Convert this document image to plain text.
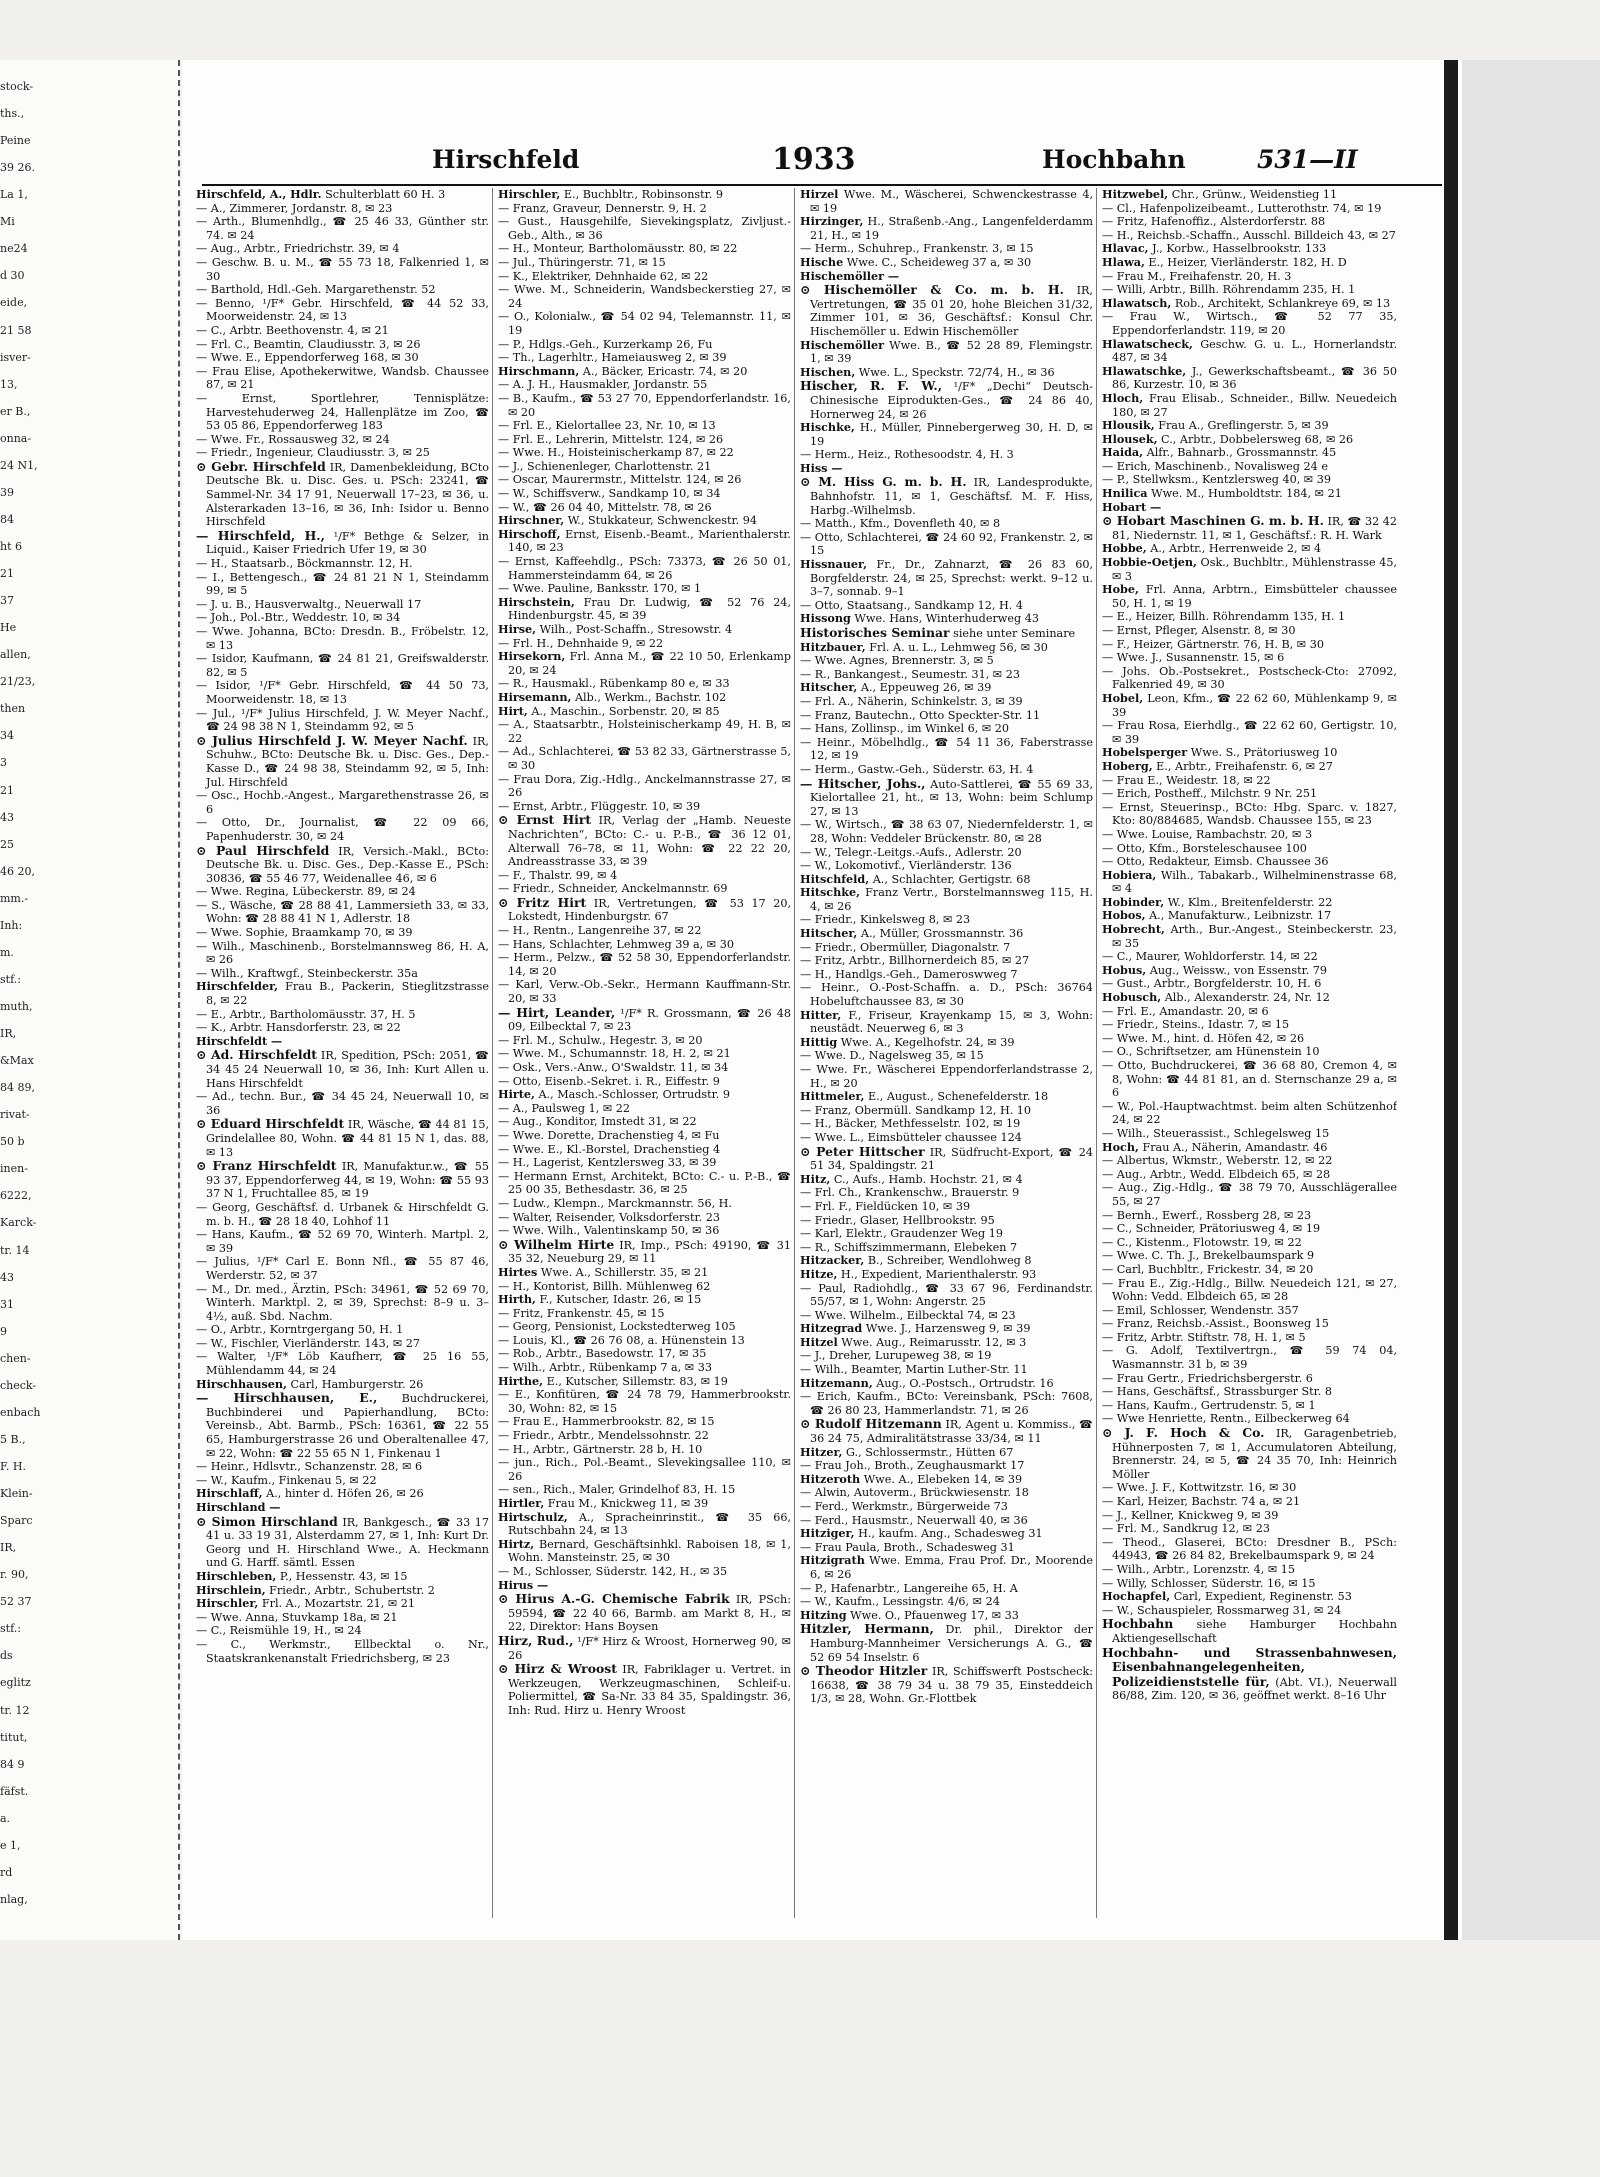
stock-
ths.,
Peine
39 26.
La 1,
Mi
ne24
d 30
eide,
21 58
isver-
13,
er B.,
onna-
24 N1,
39
84
ht 6
21
37
He
allen,
21/23,
then
34
3
21
43
25
46 20,
mm.-
Inh:
m.
stf.:
muth,
IR,
&Max
84 89,
rivat-
50 b
inen-
6222,
Karck-
tr. 14
43
31
9
chen-
check-
enbach
5 B.,
F. H.
Klein-
Sparc
IR,
r. 90,
52 37
stf.:
ds
eglitz
tr. 12
titut,
84 9
fäfst.
a.
e 1,
rd
nlag,
Hirschfeld	1933	Hochbahn	531—II

Hirschfeld, A., Hdlr. Schulterblatt 60 H. 3

— A., Zimmerer, Jordanstr. 8, ✉ 23

— Arth., Blumenhdlg., ☎ 25 46 33, Günther str. 74. ✉ 24

— Aug., Arbtr., Friedrichstr. 39, ✉ 4

— Geschw. B. u. M., ☎ 55 73 18, Falkenried 1, ✉ 30

— Barthold, Hdl.-Geh. Margarethenstr. 52

— Benno, ¹/F* Gebr. Hirschfeld, ☎ 44 52 33, Moorweidenstr. 24, ✉ 13

— C., Arbtr. Beethovenstr. 4, ✉ 21

— Frl. C., Beamtin, Claudiusstr. 3, ✉ 26

— Wwe. E., Eppendorferweg 168, ✉ 30

— Frau Elise, Apothekerwitwe, Wandsb. Chaussee 87, ✉ 21

— Ernst, Sportlehrer, Tennisplätze: Harvestehuderweg 24, Hallenplätze im Zoo, ☎ 53 05 86, Eppendorferweg 183

— Wwe. Fr., Rossausweg 32, ✉ 24

— Friedr., Ingenieur, Claudiusstr. 3, ✉ 25

⊙ Gebr. Hirschfeld IR, Damenbekleidung, BCto Deutsche Bk. u. Disc. Ges. u. PSch: 23241, ☎ Sammel-Nr. 34 17 91, Neuerwall 17–23, ✉ 36, u. Alsterarkaden 13–16, ✉ 36, Inh: Isidor u. Benno Hirschfeld

— Hirschfeld, H., ¹/F* Bethge & Selzer, in Liquid., Kaiser Friedrich Ufer 19, ✉ 30

— H., Staatsarb., Böckmannstr. 12, H.

— I., Bettengesch., ☎ 24 81 21 N 1, Steindamm 99, ✉ 5

— J. u. B., Hausverwaltg., Neuerwall 17

— Joh., Pol.-Btr., Weddestr. 10, ✉ 34

— Wwe. Johanna, BCto: Dresdn. B., Fröbelstr. 12, ✉ 13

— Isidor, Kaufmann, ☎ 24 81 21, Greifswalderstr. 82, ✉ 5

— Isidor, ¹/F* Gebr. Hirschfeld, ☎ 44 50 73, Moorweidenstr. 18, ✉ 13

— Jul., ¹/F* Julius Hirschfeld, J. W. Meyer Nachf., ☎ 24 98 38 N 1, Steindamm 92, ✉ 5

⊙ Julius Hirschfeld J. W. Meyer Nachf. IR, Schuhw., BCto: Deutsche Bk. u. Disc. Ges., Dep.-Kasse D., ☎ 24 98 38, Steindamm 92, ✉ 5, Inh: Jul. Hirschfeld

— Osc., Hochb.-Angest., Margarethenstrasse 26, ✉ 6

— Otto, Dr., Journalist, ☎ 22 09 66, Papenhuderstr. 30, ✉ 24

⊙ Paul Hirschfeld IR, Versich.-Makl., BCto: Deutsche Bk. u. Disc. Ges., Dep.-Kasse E., PSch: 30836, ☎ 55 46 77, Weidenallee 46, ✉ 6

— Wwe. Regina, Lübeckerstr. 89, ✉ 24

— S., Wäsche, ☎ 28 88 41, Lammersieth 33, ✉ 33, Wohn: ☎ 28 88 41 N 1, Adlerstr. 18

— Wwe. Sophie, Braamkamp 70, ✉ 39

— Wilh., Maschinenb., Borstelmannsweg 86, H. A, ✉ 26

— Wilh., Kraftwgf., Steinbeckerstr. 35a

Hirschfelder, Frau B., Packerin, Stieglitzstrasse 8, ✉ 22

— E., Arbtr., Bartholomäusstr. 37, H. 5

— K., Arbtr. Hansdorferstr. 23, ✉ 22

Hirschfeldt —

⊙ Ad. Hirschfeldt IR, Spedition, PSch: 2051, ☎ 34 45 24 Neuerwall 10, ✉ 36, Inh: Kurt Allen u. Hans Hirschfeldt

— Ad., techn. Bur., ☎ 34 45 24, Neuerwall 10, ✉ 36

⊙ Eduard Hirschfeldt IR, Wäsche, ☎ 44 81 15, Grindelallee 80, Wohn. ☎ 44 81 15 N 1, das. 88, ✉ 13

⊙ Franz Hirschfeldt IR, Manufaktur.w., ☎ 55 93 37, Eppendorferweg 44, ✉ 19, Wohn: ☎ 55 93 37 N 1, Fruchtallee 85, ✉ 19

— Georg, Geschäftsf. d. Urbanek & Hirschfeldt G. m. b. H., ☎ 28 18 40, Lohhof 11

— Hans, Kaufm., ☎ 52 69 70, Winterh. Martpl. 2, ✉ 39

— Julius, ¹/F* Carl E. Bonn Nfl., ☎ 55 87 46, Werderstr. 52, ✉ 37

— M., Dr. med., Ärztin, PSch: 34961, ☎ 52 69 70, Winterh. Marktpl. 2, ✉ 39, Sprechst: 8–9 u. 3–4½, auß. Sbd. Nachm.

— O., Arbtr., Korntrgergang 50, H. 1

— W., Fischler, Vierländerstr. 143, ✉ 27

— Walter, ¹/F* Löb Kaufherr, ☎ 25 16 55, Mühlendamm 44, ✉ 24

Hirschhausen, Carl, Hamburgerstr. 26

— Hirschhausen, E., Buchdruckerei, Buchbinderei und Papierhandlung, BCto: Vereinsb., Abt. Barmb., PSch: 16361, ☎ 22 55 65, Hamburgerstrasse 26 und Oberaltenallee 47, ✉ 22, Wohn: ☎ 22 55 65 N 1, Finkenau 1

— Heinr., Hdlsvtr., Schanzenstr. 28, ✉ 6

— W., Kaufm., Finkenau 5, ✉ 22

Hirschlaff, A., hinter d. Höfen 26, ✉ 26

Hirschland —

⊙ Simon Hirschland IR, Bankgesch., ☎ 33 17 41 u. 33 19 31, Alsterdamm 27, ✉ 1, Inh: Kurt Dr. Georg und H. Hirschland Wwe., A. Heckmann und G. Harff. sämtl. Essen

Hirschleben, P., Hessenstr. 43, ✉ 15

Hirschlein, Friedr., Arbtr., Schubertstr. 2

Hirschler, Frl. A., Mozartstr. 21, ✉ 21

— Wwe. Anna, Stuvkamp 18a, ✉ 21

— C., Reismühle 19, H., ✉ 24

— C., Werkmstr., Ellbecktal o. Nr., Staatskrankenanstalt Friedrichsberg, ✉ 23

Hirschler, E., Buchbltr., Robinsonstr. 9

— Franz, Graveur, Dennerstr. 9, H. 2

— Gust., Hausgehilfe, Sievekingsplatz, Zivljust.-Geb., Alth., ✉ 36

— H., Monteur, Bartholomäusstr. 80, ✉ 22

— Jul., Thüringerstr. 71, ✉ 15

— K., Elektriker, Dehnhaide 62, ✉ 22

— Wwe. M., Schneiderin, Wandsbeckerstieg 27, ✉ 24

— O., Kolonialw., ☎ 54 02 94, Telemannstr. 11, ✉ 19

— P., Hdlgs.-Geh., Kurzerkamp 26, Fu

— Th., Lagerhltr., Hameiausweg 2, ✉ 39

Hirschmann, A., Bäcker, Ericastr. 74, ✉ 20

— A. J. H., Hausmakler, Jordanstr. 55

— B., Kaufm., ☎ 53 27 70, Eppendorferlandstr. 16, ✉ 20

— Frl. E., Kielortallee 23, Nr. 10, ✉ 13

— Frl. E., Lehrerin, Mittelstr. 124, ✉ 26

— Wwe. H., Hoisteinischerkamp 87, ✉ 22

— J., Schienenleger, Charlottenstr. 21

— Oscar, Maurermstr., Mittelstr. 124, ✉ 26

— W., Schiffsverw., Sandkamp 10, ✉ 34

— W., ☎ 26 04 40, Mittelstr. 78, ✉ 26

Hirschner, W., Stukkateur, Schwenckestr. 94

Hirschoff, Ernst, Eisenb.-Beamt., Marienthalerstr. 140, ✉ 23

— Ernst, Kaffeehdlg., PSch: 73373, ☎ 26 50 01, Hammersteindamm 64, ✉ 26

— Wwe. Pauline, Banksstr. 170, ✉ 1

Hirschstein, Frau Dr. Ludwig, ☎ 52 76 24, Hindenburgstr. 45, ✉ 39

Hirse, Wilh., Post-Schaffn., Stresowstr. 4

— Frl. H., Dehnhaide 9, ✉ 22

Hirsekorn, Frl. Anna M., ☎ 22 10 50, Erlenkamp 20, ✉ 24

— R., Hausmakl., Rübenkamp 80 e, ✉ 33

Hirsemann, Alb., Werkm., Bachstr. 102

Hirt, A., Maschin., Sorbenstr. 20, ✉ 85

— A., Staatsarbtr., Holsteinischerkamp 49, H. B, ✉ 22

— Ad., Schlachterei, ☎ 53 82 33, Gärtnerstrasse 5, ✉ 30

— Frau Dora, Zig.-Hdlg., Anckelmannstrasse 27, ✉ 26

— Ernst, Arbtr., Flüggestr. 10, ✉ 39

⊙ Ernst Hirt IR, Verlag der „Hamb. Neueste Nachrichten“, BCto: C.- u. P.-B., ☎ 36 12 01, Alterwall 76–78, ✉ 11, Wohn: ☎ 22 22 20, Andreasstrasse 33, ✉ 39

— F., Thalstr. 99, ✉ 4

— Friedr., Schneider, Anckelmannstr. 69

⊙ Fritz Hirt IR, Vertretungen, ☎ 53 17 20, Lokstedt, Hindenburgstr. 67

— H., Rentn., Langenreihe 37, ✉ 22

— Hans, Schlachter, Lehmweg 39 a, ✉ 30

— Herm., Pelzw., ☎ 52 58 30, Eppendorferlandstr. 14, ✉ 20

— Karl, Verw.-Ob.-Sekr., Hermann Kauffmann-Str. 20, ✉ 33

— Hirt, Leander, ¹/F* R. Grossmann, ☎ 26 48 09, Eilbecktal 7, ✉ 23

— Frl. M., Schulw., Hegestr. 3, ✉ 20

— Wwe. M., Schumannstr. 18, H. 2, ✉ 21

— Osk., Vers.-Anw., O'Swaldstr. 11, ✉ 34

— Otto, Eisenb.-Sekret. i. R., Eiffestr. 9

Hirte, A., Masch.-Schlosser, Ortrudstr. 9

— A., Paulsweg 1, ✉ 22

— Aug., Konditor, Imstedt 31, ✉ 22

— Wwe. Dorette, Drachenstieg 4, ✉ Fu

— Wwe. E., Kl.-Borstel, Drachenstieg 4

— H., Lagerist, Kentzlersweg 33, ✉ 39

— Hermann Ernst, Architekt, BCto: C.- u. P.-B., ☎ 25 00 35, Bethesdastr. 36, ✉ 25

— Ludw., Klempn., Marckmannstr. 56, H.

— Walter, Reisender, Volksdorferstr. 23

— Wwe. Wilh., Valentinskamp 50, ✉ 36

⊙ Wilhelm Hirte IR, Imp., PSch: 49190, ☎ 31 35 32, Neueburg 29, ✉ 11

Hirtes Wwe. A., Schillerstr. 35, ✉ 21

— H., Kontorist, Billh. Mühlenweg 62

Hirth, F., Kutscher, Idastr. 26, ✉ 15

— Fritz, Frankenstr. 45, ✉ 15

— Georg, Pensionist, Lockstedterweg 105

— Louis, Kl., ☎ 26 76 08, a. Hünenstein 13

— Rob., Arbtr., Basedowstr. 17, ✉ 35

— Wilh., Arbtr., Rübenkamp 7 a, ✉ 33

Hirthe, E., Kutscher, Sillemstr. 83, ✉ 19

— E., Konfitüren, ☎ 24 78 79, Hammerbrookstr. 30, Wohn: 82, ✉ 15

— Frau E., Hammerbrookstr. 82, ✉ 15

— Friedr., Arbtr., Mendelssohnstr. 22

— H., Arbtr., Gärtnerstr. 28 b, H. 10

— jun., Rich., Pol.-Beamt., Slevekingsallee 110, ✉ 26

— sen., Rich., Maler, Grindelhof 83, H. 15

Hirtler, Frau M., Knickweg 11, ✉ 39

Hirtschulz, A., Spracheinrinstit., ☎ 35 66, Rutschbahn 24, ✉ 13

Hirtz, Bernard, Geschäftsinhkl. Raboisen 18, ✉ 1, Wohn. Mansteinstr. 25, ✉ 30

— M., Schlosser, Süderstr. 142, H., ✉ 35

Hirus —

⊙ Hirus A.-G. Chemische Fabrik IR, PSch: 59594, ☎ 22 40 66, Barmb. am Markt 8, H., ✉ 22, Direktor: Hans Boysen

Hirz, Rud., ¹/F* Hirz & Wroost, Hornerweg 90, ✉ 26

⊙ Hirz & Wroost IR, Fabriklager u. Vertret. in Werkzeugen, Werkzeugmaschinen, Schleif-u. Poliermittel, ☎ Sa-Nr. 33 84 35, Spaldingstr. 36, Inh: Rud. Hirz u. Henry Wroost

Hirzel Wwe. M., Wäscherei, Schwenckestrasse 4, ✉ 19

Hirzinger, H., Straßenb.-Ang., Langenfelderdamm 21, H., ✉ 19

— Herm., Schuhrep., Frankenstr. 3, ✉ 15

Hische Wwe. C., Scheideweg 37 a, ✉ 30

Hischemöller —

⊙ Hischemöller & Co. m. b. H. IR, Vertretungen, ☎ 35 01 20, hohe Bleichen 31/32, Zimmer 101, ✉ 36, Geschäftsf.: Konsul Chr. Hischemöller u. Edwin Hischemöller

Hischemöller Wwe. B., ☎ 52 28 89, Flemingstr. 1, ✉ 39

Hischen, Wwe. L., Speckstr. 72/74, H., ✉ 36

Hischer, R. F. W., ¹/F* „Dechi“ Deutsch-Chinesische Eiprodukten-Ges., ☎ 24 86 40, Hornerweg 24, ✉ 26

Hischke, H., Müller, Pinnebergerweg 30, H. D, ✉ 19

— Herm., Heiz., Rothesoodstr. 4, H. 3

Hiss —

⊙ M. Hiss G. m. b. H. IR, Landesprodukte, Bahnhofstr. 11, ✉ 1, Geschäftsf. M. F. Hiss, Harbg.-Wilhelmsb.

— Matth., Kfm., Dovenfleth 40, ✉ 8

— Otto, Schlachterei, ☎ 24 60 92, Frankenstr. 2, ✉ 15

Hissnauer, Fr., Dr., Zahnarzt, ☎ 26 83 60, Borgfelderstr. 24, ✉ 25, Sprechst: werkt. 9–12 u. 3–7, sonnab. 9–1

— Otto, Staatsang., Sandkamp 12, H. 4

Hissong Wwe. Hans, Winterhuderweg 43

Historisches Seminar siehe unter Seminare

Hitzbauer, Frl. A. u. L., Lehmweg 56, ✉ 30

— Wwe. Agnes, Brennerstr. 3, ✉ 5

— R., Bankangest., Seumestr. 31, ✉ 23

Hitscher, A., Eppeuweg 26, ✉ 39

— Frl. A., Näherin, Schinkelstr. 3, ✉ 39

— Franz, Bautechn., Otto Speckter-Str. 11

— Hans, Zollinsp., im Winkel 6, ✉ 20

— Heinr., Möbelhdlg., ☎ 54 11 36, Faberstrasse 12, ✉ 19

— Herm., Gastw.-Geh., Süderstr. 63, H. 4

— Hitscher, Johs., Auto-Sattlerei, ☎ 55 69 33, Kielortallee 21, ht., ✉ 13, Wohn: beim Schlump 27, ✉ 13

— W., Wirtsch., ☎ 38 63 07, Niedernfelderstr. 1, ✉ 28, Wohn: Veddeler Brückenstr. 80, ✉ 28

— W., Telegr.-Leitgs.-Aufs., Adlerstr. 20

— W., Lokomotivf., Vierländerstr. 136

Hitschfeld, A., Schlachter, Gertigstr. 68

Hitschke, Franz Vertr., Borstelmannsweg 115, H. 4, ✉ 26

— Friedr., Kinkelsweg 8, ✉ 23

Hitscher, A., Müller, Grossmannstr. 36

— Friedr., Obermüller, Diagonalstr. 7

— Fritz, Arbtr., Billhornerdeich 85, ✉ 27

— H., Handlgs.-Geh., Dameroswweg 7

— Heinr., O.-Post-Schaffn. a. D., PSch: 36764 Hobeluftchaussee 83, ✉ 30

Hitter, F., Friseur, Krayenkamp 15, ✉ 3, Wohn: neustädt. Neuerweg 6, ✉ 3

Hittig Wwe. A., Kegelhofstr. 24, ✉ 39

— Wwe. D., Nagelsweg 35, ✉ 15

— Wwe. Fr., Wäscherei Eppendorferlandstrasse 2, H., ✉ 20

Hittmeler, E., August., Schenefelderstr. 18

— Franz, Obermüll. Sandkamp 12, H. 10

— H., Bäcker, Methfesselstr. 102, ✉ 19

— Wwe. L., Eimsbütteler chaussee 124

⊙ Peter Hittscher IR, Südfrucht-Export, ☎ 24 51 34, Spaldingstr. 21

Hitz, C., Aufs., Hamb. Hochstr. 21, ✉ 4

— Frl. Ch., Krankenschw., Brauerstr. 9

— Frl. F., Fieldücken 10, ✉ 39

— Friedr., Glaser, Hellbrookstr. 95

— Karl, Elektr., Graudenzer Weg 19

— R., Schiffszimmermann, Elebeken 7

Hitzacker, B., Schreiber, Wendlohweg 8

Hitze, H., Expedient, Marienthalerstr. 93

— Paul, Radiohdlg., ☎ 33 67 96, Ferdinandstr. 55/57, ✉ 1, Wohn: Angerstr. 25

— Wwe. Wilhelm., Eilbecktal 74, ✉ 23

Hitzegrad Wwe. J., Harzensweg 9, ✉ 39

Hitzel Wwe. Aug., Reimarusstr. 12, ✉ 3

— J., Dreher, Lurupeweg 38, ✉ 19

— Wilh., Beamter, Martin Luther-Str. 11

Hitzemann, Aug., O.-Postsch., Ortrudstr. 16

— Erich, Kaufm., BCto: Vereinsbank, PSch: 7608, ☎ 26 80 23, Hammerlandstr. 71, ✉ 26

⊙ Rudolf Hitzemann IR, Agent u. Kommiss., ☎ 36 24 75, Admiralitätstrasse 33/34, ✉ 11

Hitzer, G., Schlossermstr., Hütten 67

— Frau Joh., Broth., Zeughausmarkt 17

Hitzeroth Wwe. A., Elebeken 14, ✉ 39

— Alwin, Autoverm., Brückwiesenstr. 18

— Ferd., Werkmstr., Bürgerweide 73

— Ferd., Hausmstr., Neuerwall 40, ✉ 36

Hitziger, H., kaufm. Ang., Schadesweg 31

— Frau Paula, Broth., Schadesweg 31

Hitzigrath Wwe. Emma, Frau Prof. Dr., Moorende 6, ✉ 26

— P., Hafenarbtr., Langereihe 65, H. A

— W., Kaufm., Lessingstr. 4/6, ✉ 24

Hitzing Wwe. O., Pfauenweg 17, ✉ 33

Hitzler, Hermann, Dr. phil., Direktor der Hamburg-Mannheimer Versicherungs A. G., ☎ 52 69 54 Inselstr. 6

⊙ Theodor Hitzler IR, Schiffswerft Postscheck: 16638, ☎ 38 79 34 u. 38 79 35, Einsteddeich 1/3, ✉ 28, Wohn. Gr.-Flottbek

Hitzwebel, Chr., Grünw., Weidenstieg 11

— Cl., Hafenpolizeibeamt., Lutterothstr. 74, ✉ 19

— Fritz, Hafenoffiz., Alsterdorferstr. 88

— H., Reichsb.-Schaffn., Ausschl. Billdeich 43, ✉ 27

Hlavac, J., Korbw., Hasselbrookstr. 133

Hlawa, E., Heizer, Vierländerstr. 182, H. D

— Frau M., Freihafenstr. 20, H. 3

— Willi, Arbtr., Billh. Röhrendamm 235, H. 1

Hlawatsch, Rob., Architekt, Schlankreye 69, ✉ 13

— Frau W., Wirtsch., ☎ 52 77 35, Eppendorferlandstr. 119, ✉ 20

Hlawatscheck, Geschw. G. u. L., Hornerlandstr. 487, ✉ 34

Hlawatschke, J., Gewerkschaftsbeamt., ☎ 36 50 86, Kurzestr. 10, ✉ 36

Hloch, Frau Elisab., Schneider., Billw. Neuedeich 180, ✉ 27

Hlousik, Frau A., Greflingerstr. 5, ✉ 39

Hlousek, C., Arbtr., Dobbelersweg 68, ✉ 26

Haida, Alfr., Bahnarb., Grossmannstr. 45

— Erich, Maschinenb., Novalisweg 24 e

— P., Stellwksm., Kentzlersweg 40, ✉ 39

Hnilica Wwe. M., Humboldtstr. 184, ✉ 21

Hobart —

⊙ Hobart Maschinen G. m. b. H. IR, ☎ 32 42 81, Niedernstr. 11, ✉ 1, Geschäftsf.: R. H. Wark

Hobbe, A., Arbtr., Herrenweide 2, ✉ 4

Hobbie-Oetjen, Osk., Buchbltr., Mühlenstrasse 45, ✉ 3

Hobe, Frl. Anna, Arbtrn., Eimsbütteler chaussee 50, H. 1, ✉ 19

— E., Heizer, Billh. Röhrendamm 135, H. 1

— Ernst, Pfleger, Alsenstr. 8, ✉ 30

— F., Heizer, Gärtnerstr. 76, H. B, ✉ 30

— Wwe. J., Susannenstr. 15, ✉ 6

— Johs. Ob.-Postsekret., Postscheck-Cto: 27092, Falkenried 49, ✉ 30

Hobel, Leon, Kfm., ☎ 22 62 60, Mühlenkamp 9, ✉ 39

— Frau Rosa, Eierhdlg., ☎ 22 62 60, Gertigstr. 10, ✉ 39

Hobelsperger Wwe. S., Prätoriusweg 10

Hoberg, E., Arbtr., Freihafenstr. 6, ✉ 27

— Frau E., Weidestr. 18, ✉ 22

— Erich, Postheff., Milchstr. 9 Nr. 251

— Ernst, Steuerinsp., BCto: Hbg. Sparc. v. 1827, Kto: 80/884685, Wandsb. Chaussee 155, ✉ 23

— Wwe. Louise, Rambachstr. 20, ✉ 3

— Otto, Kfm., Borsteleschausee 100

— Otto, Redakteur, Eimsb. Chaussee 36

Hobiera, Wilh., Tabakarb., Wilhelminenstrasse 68, ✉ 4

Hobinder, W., Klm., Breitenfelderstr. 22

Hobos, A., Manufakturw., Leibnizstr. 17

Hobrecht, Arth., Bur.-Angest., Steinbeckerstr. 23, ✉ 35

— C., Maurer, Wohldorferstr. 14, ✉ 22

Hobus, Aug., Weissw., von Essenstr. 79

— Gust., Arbtr., Borgfelderstr. 10, H. 6

Hobusch, Alb., Alexanderstr. 24, Nr. 12

— Frl. E., Amandastr. 20, ✉ 6

— Friedr., Steins., Idastr. 7, ✉ 15

— Wwe. M., hint. d. Höfen 42, ✉ 26

— O., Schriftsetzer, am Hünenstein 10

— Otto, Buchdruckerei, ☎ 36 68 80, Cremon 4, ✉ 8, Wohn: ☎ 44 81 81, an d. Sternschanze 29 a, ✉ 6

— W., Pol.-Hauptwachtmst. beim alten Schützenhof 24, ✉ 22

— Wilh., Steuerassist., Schlegelsweg 15

Hoch, Frau A., Näherin, Amandastr. 46

— Albertus, Wkmstr., Weberstr. 12, ✉ 22

— Aug., Arbtr., Wedd. Elbdeich 65, ✉ 28

— Aug., Zig.-Hdlg., ☎ 38 79 70, Ausschlägerallee 55, ✉ 27

— Bernh., Ewerf., Rossberg 28, ✉ 23

— C., Schneider, Prätoriusweg 4, ✉ 19

— C., Kistenm., Flotowstr. 19, ✉ 22

— Wwe. C. Th. J., Brekelbaumspark 9

— Carl, Buchbltr., Frickestr. 34, ✉ 20

— Frau E., Zig.-Hdlg., Billw. Neuedeich 121, ✉ 27, Wohn: Vedd. Elbdeich 65, ✉ 28

— Emil, Schlosser, Wendenstr. 357

— Franz, Reichsb.-Assist., Boonsweg 15

— Fritz, Arbtr. Stiftstr. 78, H. 1, ✉ 5

— G. Adolf, Textilvertrgn., ☎ 59 74 04, Wasmannstr. 31 b, ✉ 39

— Frau Gertr., Friedrichsbergerstr. 6

— Hans, Geschäftsf., Strassburger Str. 8

— Hans, Kaufm., Gertrudenstr. 5, ✉ 1

— Wwe Henriette, Rentn., Eilbeckerweg 64

⊙ J. F. Hoch & Co. IR, Garagenbetrieb, Hühnerposten 7, ✉ 1, Accumulatoren Abteilung, Brennerstr. 24, ✉ 5, ☎ 24 35 70, Inh: Heinrich Möller

— Wwe. J. F., Kottwitzstr. 16, ✉ 30

— Karl, Heizer, Bachstr. 74 a, ✉ 21

— J., Kellner, Knickweg 9, ✉ 39

— Frl. M., Sandkrug 12, ✉ 23

— Theod., Glaserei, BCto: Dresdner B., PSch: 44943, ☎ 26 84 82, Brekelbaumspark 9, ✉ 24

— Wilh., Arbtr., Lorenzstr. 4, ✉ 15

— Willy, Schlosser, Süderstr. 16, ✉ 15

Hochapfel, Carl, Expedient, Reginenstr. 53

— W., Schauspieler, Rossmarweg 31, ✉ 24

Hochbahn siehe Hamburger Hochbahn Aktiengesellschaft

Hochbahn- und Strassenbahnwesen, Eisenbahnangelegenheiten, Polizeidienststelle für, (Abt. VI.), Neuerwall 86/88, Zim. 120, ✉ 36, geöffnet werkt. 8–16 Uhr
